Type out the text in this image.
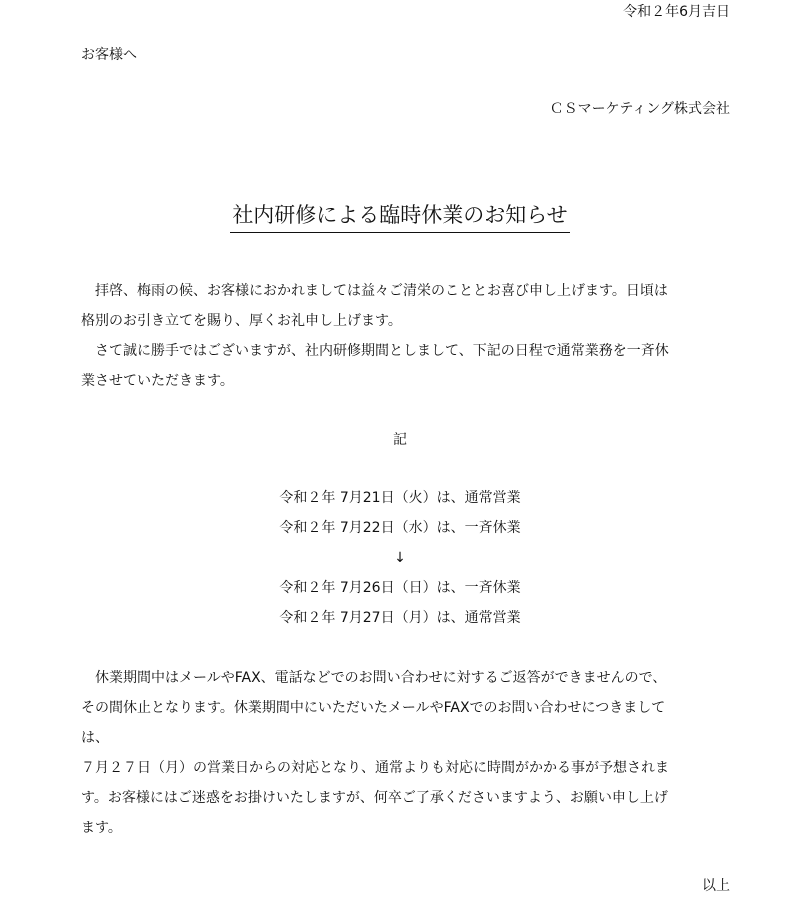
令和２年6月吉日
お客様へ
ＣＳマーケティング株式会社
社内研修による臨時休業のお知らせ
　拝啓、梅雨の候、お客様におかれましては益々ご清栄のこととお喜び申し上げます。日頃は
格別のお引き立てを賜り、厚くお礼申し上げます。
　さて誠に勝手ではございますが、社内研修期間としまして、下記の日程で通常業務を一斉休
業させていただきます。
記
令和２年 7月21日（火）は、通常営業
令和２年 7月22日（水）は、一斉休業
↓
令和２年 7月26日（日）は、一斉休業
令和２年 7月27日（月）は、通常営業
　休業期間中はメールやFAX、電話などでのお問い合わせに対するご返答ができませんので、
その間休止となります。休業期間中にいただいたメールやFAXでのお問い合わせにつきまして
は、
７月２７日（月）の営業日からの対応となり、通常よりも対応に時間がかかる事が予想されま
す。お客様にはご迷惑をお掛けいたしますが、何卒ご了承くださいますよう、お願い申し上げ
ます。
以上
